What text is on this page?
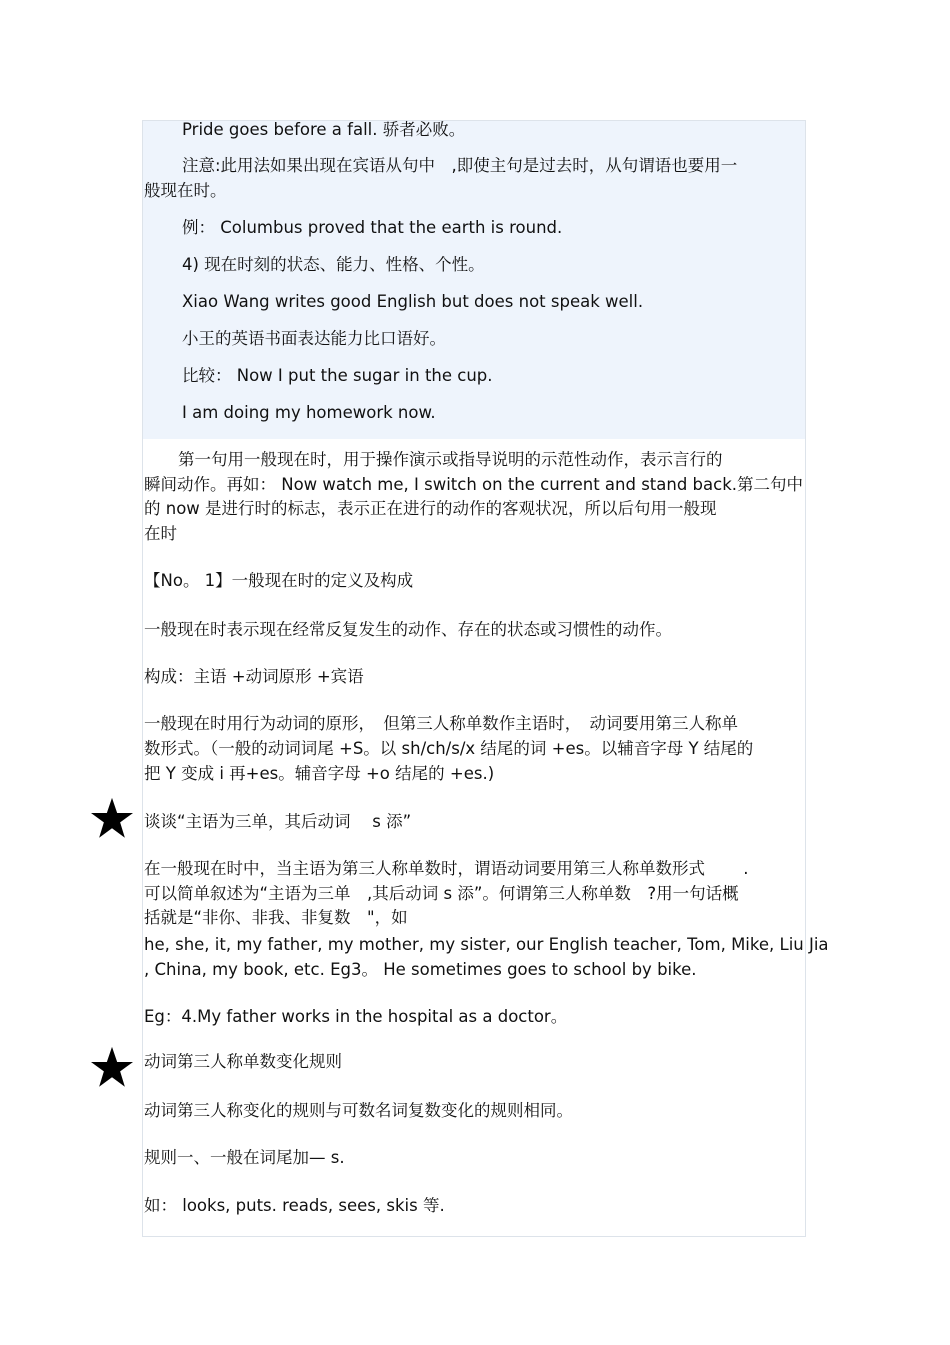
Pride goes before a fall. 骄者必败。
注意:此用法如果出现在宾语从句中　,即使主句是过去时，从句谓语也要用一
般现在时。
例： Columbus proved that the earth is round.
4) 现在时刻的状态、能力、性格、个性。
Xiao Wang writes good English but does not speak well.
小王的英语书面表达能力比口语好。
比较： Now I put the sugar in the cup.
I am doing my homework now.
第一句用一般现在时，用于操作演示或指导说明的示范性动作，表示言行的
瞬间动作。再如： Now watch me, I switch on the current and stand back.第二句中
的 now 是进行时的标志，表示正在进行的动作的客观状况，所以后句用一般现
在时
【No。 1】一般现在时的定义及构成
一般现在时表示现在经常反复发生的动作、存在的状态或习惯性的动作。
构成：主语 +动词原形 +宾语
一般现在时用行为动词的原形，　但第三人称单数作主语时，　动词要用第三人称单
数形式。（一般的动词词尾 +S。以 sh/ch/s/x 结尾的词 +es。以辅音字母 Y 结尾的
把 Y 变成 i 再+es。辅音字母 +o 结尾的 +es.)
谈谈“主语为三单，其后动词　 s 添”
在一般现在时中，当主语为第三人称单数时，谓语动词要用第三人称单数形式　　 .
可以简单叙述为“主语为三单　,其后动词 s 添”。何谓第三人称单数　?用一句话概
括就是“非你、非我、非复数　"，如
he, she, it, my father, my mother, my sister, our English teacher, Tom, Mike, Liu Jia
, China, my book, etc. Eg3。 He sometimes goes to school by bike.
Eg：4.My father works in the hospital as a doctor。
动词第三人称单数变化规则
动词第三人称变化的规则与可数名词复数变化的规则相同。
规则一、一般在词尾加— s.
如： looks, puts. reads, sees, skis 等.
